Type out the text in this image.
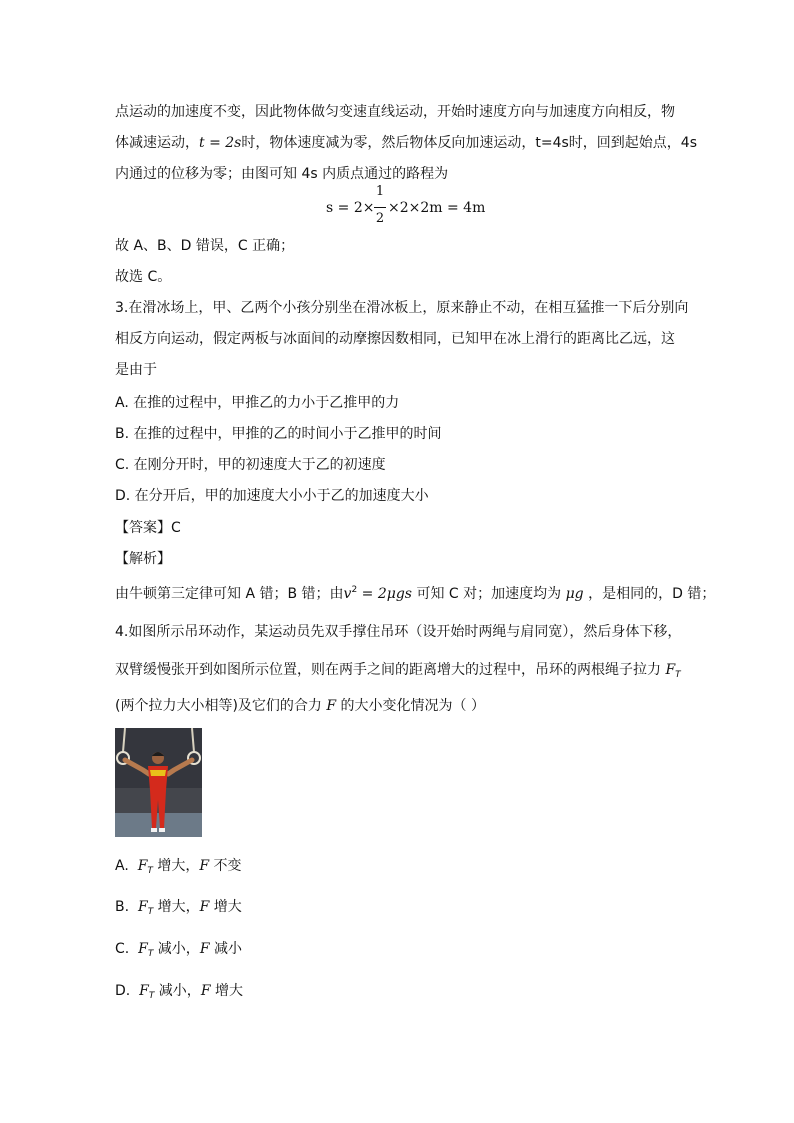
点运动的加速度不变，因此物体做匀变速直线运动，开始时速度方向与加速度方向相反，物
体减速运动，t = 2s时，物体速度减为零，然后物体反向加速运动，t=4s时，回到起始点，4s
内通过的位移为零；由图可知 4s 内质点通过的路程为
s = 2×
1
2
×2×2m = 4m
故 A、B、D 错误，C 正确；
故选 C。
3.在滑冰场上，甲、乙两个小孩分别坐在滑冰板上，原来静止不动，在相互猛推一下后分别向
相反方向运动，假定两板与冰面间的动摩擦因数相同，已知甲在冰上滑行的距离比乙远，这
是由于
A. 在推的过程中，甲推乙的力小于乙推甲的力
B. 在推的过程中，甲推的乙的时间小于乙推甲的时间
C. 在刚分开时，甲的初速度大于乙的初速度
D. 在分开后，甲的加速度大小小于乙的加速度大小
【答案】C
【解析】
由牛顿第三定律可知 A 错；B 错；由$v^2 = 2\mu gs$ 可知 C 对；加速度均为 μg ，是相同的，D 错；
4.如图所示吊环动作，某运动员先双手撑住吊环（设开始时两绳与肩同宽），然后身体下移，
双臂缓慢张开到如图所示位置，则在两手之间的距离增大的过程中，吊环的两根绳子拉力 $F_T$
(两个拉力大小相等)及它们的合力 F 的大小变化情况为（ ）
A. $F_T$ 增大，F 不变
B. $F_T$ 增大，F 增大
C. $F_T$ 减小，F 减小
D. $F_T$ 减小，F 增大
